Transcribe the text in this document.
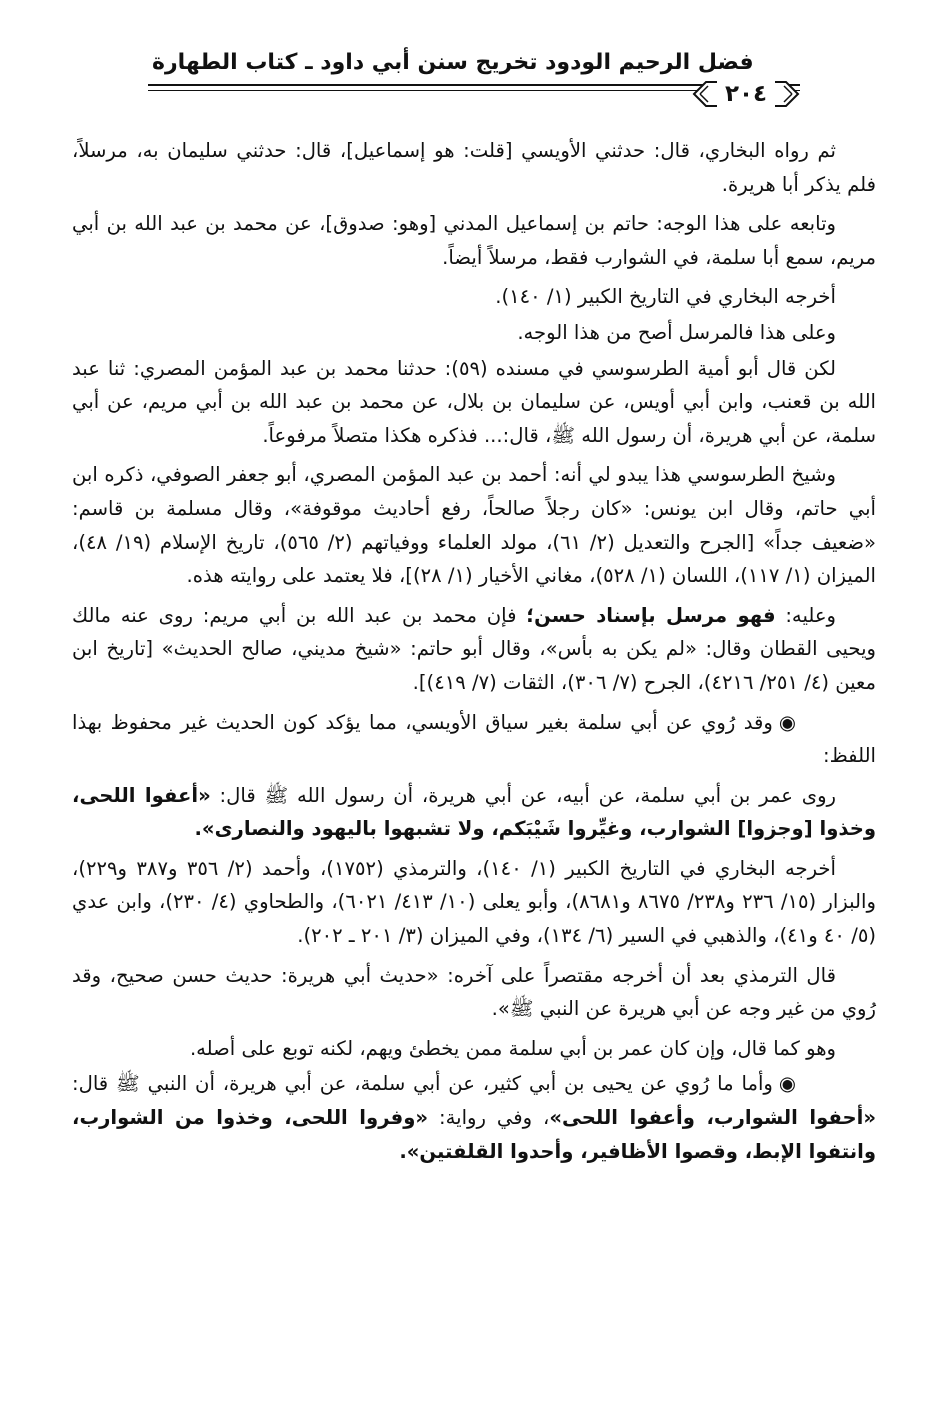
فضل الرحيم الودود تخريج سنن أبي داود ـ كتاب الطهارة
٢٠٤

ثم رواه البخاري، قال: حدثني الأويسي [قلت: هو إسماعيل]، قال: حدثني سليمان به، مرسلاً، فلم يذكر أبا هريرة.

وتابعه على هذا الوجه: حاتم بن إسماعيل المدني [وهو: صدوق]، عن محمد بن عبد الله بن أبي مريم، سمع أبا سلمة، في الشوارب فقط، مرسلاً أيضاً.

أخرجه البخاري في التاريخ الكبير (١/ ١٤٠).

وعلى هذا فالمرسل أصح من هذا الوجه.

لكن قال أبو أمية الطرسوسي في مسنده (٥٩): حدثنا محمد بن عبد المؤمن المصري: ثنا عبد الله بن قعنب، وابن أبي أويس، عن سليمان بن بلال، عن محمد بن عبد الله بن أبي مريم، عن أبي سلمة، عن أبي هريرة، أن رسول الله ﷺ، قال:... فذكره هكذا متصلاً مرفوعاً.

وشيخ الطرسوسي هذا يبدو لي أنه: أحمد بن عبد المؤمن المصري، أبو جعفر الصوفي، ذكره ابن أبي حاتم، وقال ابن يونس: «كان رجلاً صالحاً، رفع أحاديث موقوفة»، وقال مسلمة بن قاسم: «ضعيف جداً» [الجرح والتعديل (٢/ ٦١)، مولد العلماء ووفياتهم (٢/ ٥٦٥)، تاريخ الإسلام (١٩/ ٤٨)، الميزان (١/ ١١٧)، اللسان (١/ ٥٢٨)، مغاني الأخيار (١/ ٢٨)]، فلا يعتمد على روايته هذه.

وعليه: فهو مرسل بإسناد حسن؛ فإن محمد بن عبد الله بن أبي مريم: روى عنه مالك ويحيى القطان وقال: «لم يكن به بأس»، وقال أبو حاتم: «شيخ مديني، صالح الحديث» [تاريخ ابن معين (٤/ ٢٥١/ ٤٢١٦)، الجرح (٧/ ٣٠٦)، الثقات (٧/ ٤١٩)].

◉وقد رُوي عن أبي سلمة بغير سياق الأويسي، مما يؤكد كون الحديث غير محفوظ بهذا اللفظ:

روى عمر بن أبي سلمة، عن أبيه، عن أبي هريرة، أن رسول الله ﷺ قال: «أعفوا اللحى، وخذوا [وجزوا] الشوارب، وغيِّروا شَيْبَكم، ولا تشبهوا باليهود والنصارى».

أخرجه البخاري في التاريخ الكبير (١/ ١٤٠)، والترمذي (١٧٥٢)، وأحمد (٢/ ٣٥٦ و٣٨٧ و٢٢٩)، والبزار (١٥/ ٢٣٦ و٢٣٨/ ٨٦٧٥ و٨٦٨١)، وأبو يعلى (١٠/ ٤١٣/ ٦٠٢١)، والطحاوي (٤/ ٢٣٠)، وابن عدي (٥/ ٤٠ و٤١)، والذهبي في السير (٦/ ١٣٤)، وفي الميزان (٣/ ٢٠١ ـ ٢٠٢).

قال الترمذي بعد أن أخرجه مقتصراً على آخره: «حديث أبي هريرة: حديث حسن صحيح، وقد رُوي من غير وجه عن أبي هريرة عن النبي ﷺ».

وهو كما قال، وإن كان عمر بن أبي سلمة ممن يخطئ ويهم، لكنه توبع على أصله.

◉وأما ما رُوي عن يحيى بن أبي كثير، عن أبي سلمة، عن أبي هريرة، أن النبي ﷺ قال: «أحفوا الشوارب، وأعفوا اللحى»، وفي رواية: «وفروا اللحى، وخذوا من الشوارب، وانتفوا الإبط، وقصوا الأظافير، وأحدوا القلفتين».
